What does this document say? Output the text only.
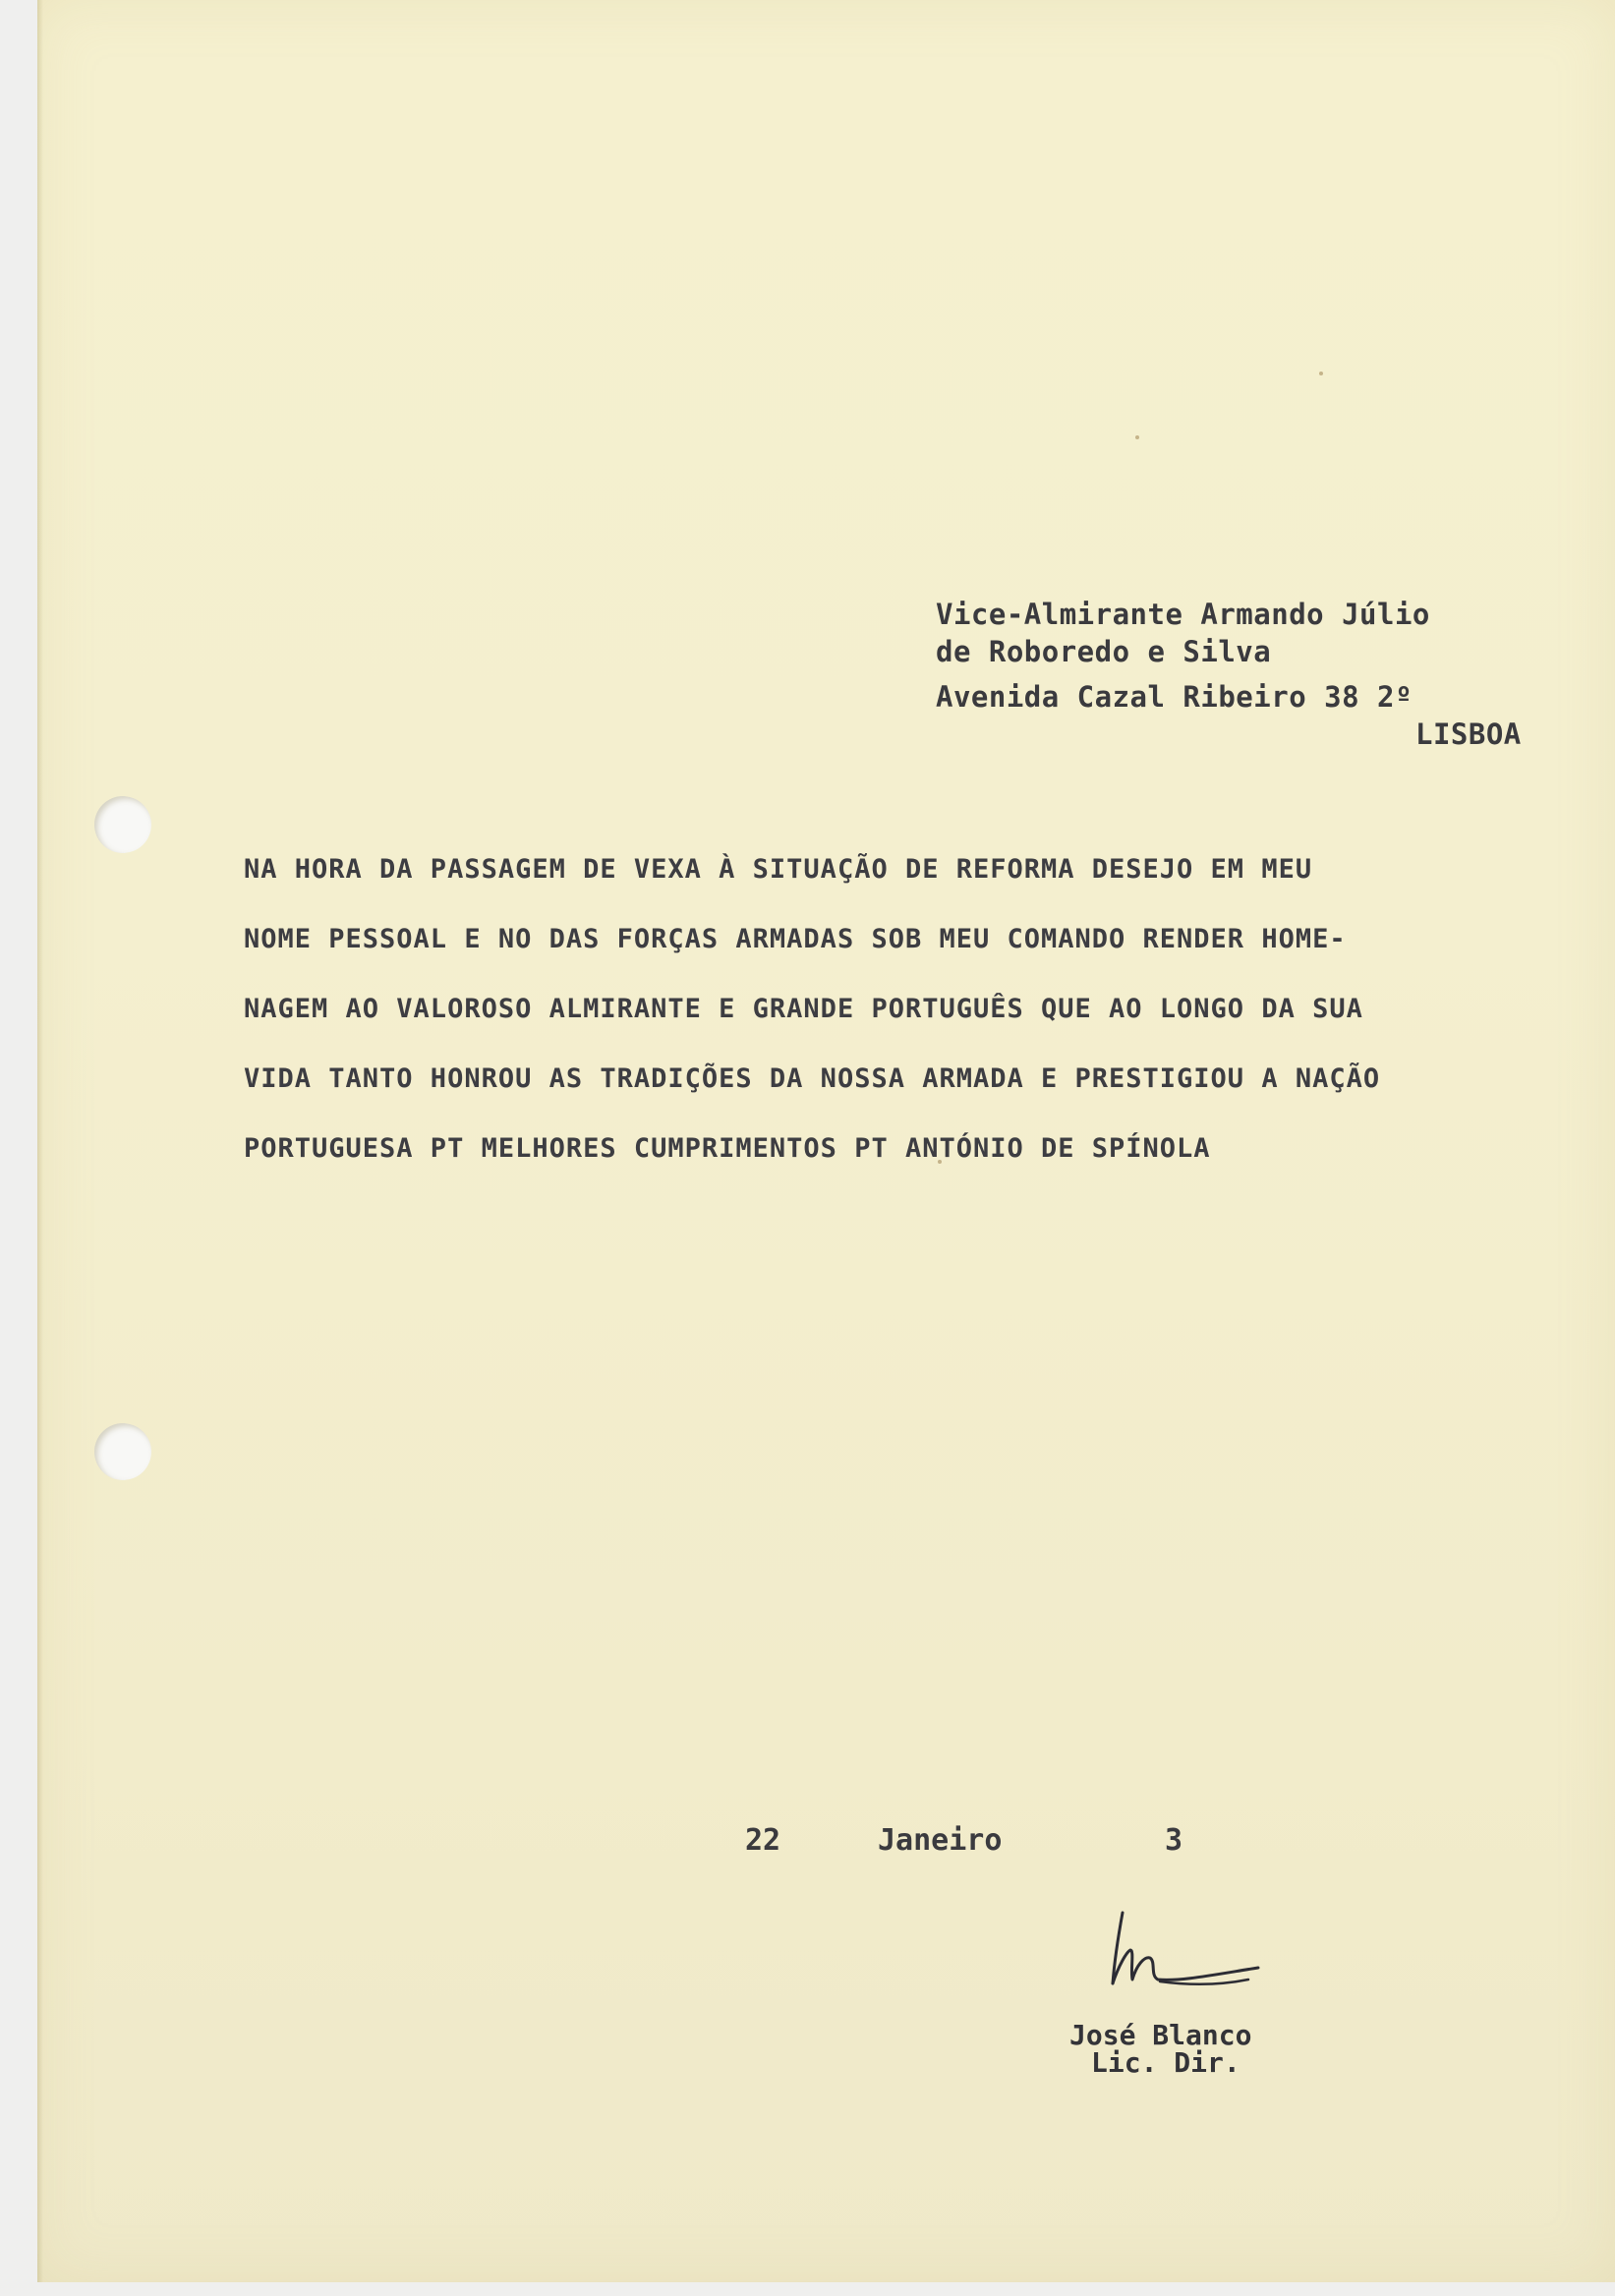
Vice-Almirante Armando Júlio
de Roboredo e Silva
Avenida Cazal Ribeiro 38 2º
LISBOA
NA HORA DA PASSAGEM DE VEXA À SITUAÇÃO DE REFORMA DESEJO EM MEU
NOME PESSOAL E NO DAS FORÇAS ARMADAS SOB MEU COMANDO RENDER HOME-
NAGEM AO VALOROSO ALMIRANTE E GRANDE PORTUGUÊS QUE AO LONGO DA SUA
VIDA TANTO HONROU AS TRADIÇÕES DA NOSSA ARMADA E PRESTIGIOU A NAÇÃO
PORTUGUESA PT MELHORES CUMPRIMENTOS PT ANTÓNIO DE SPÍNOLA
22	Janeiro	3
José Blanco
Lic. Dir.
